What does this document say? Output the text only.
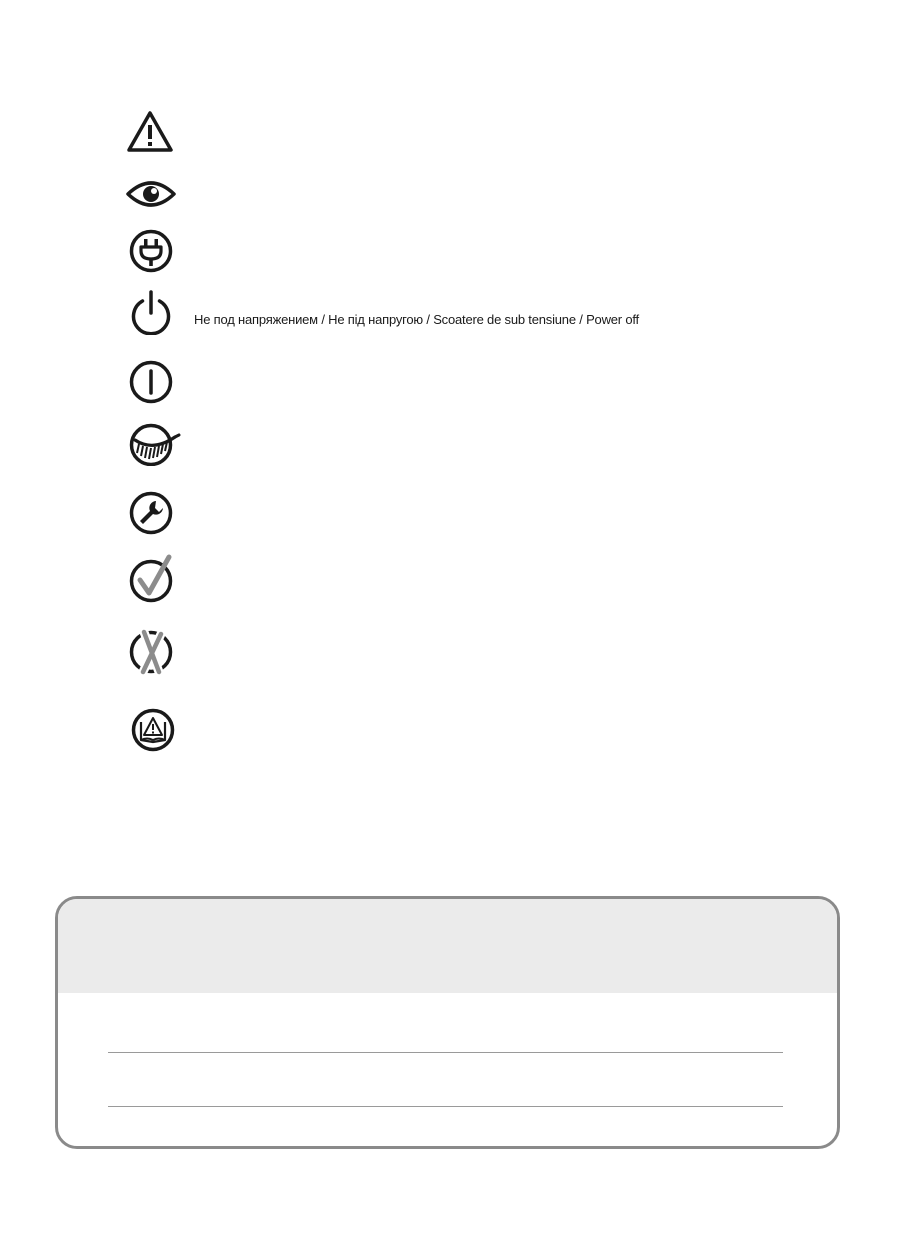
Не под напряжением / Не під напругою / Scoatere de sub tensiune / Power off
